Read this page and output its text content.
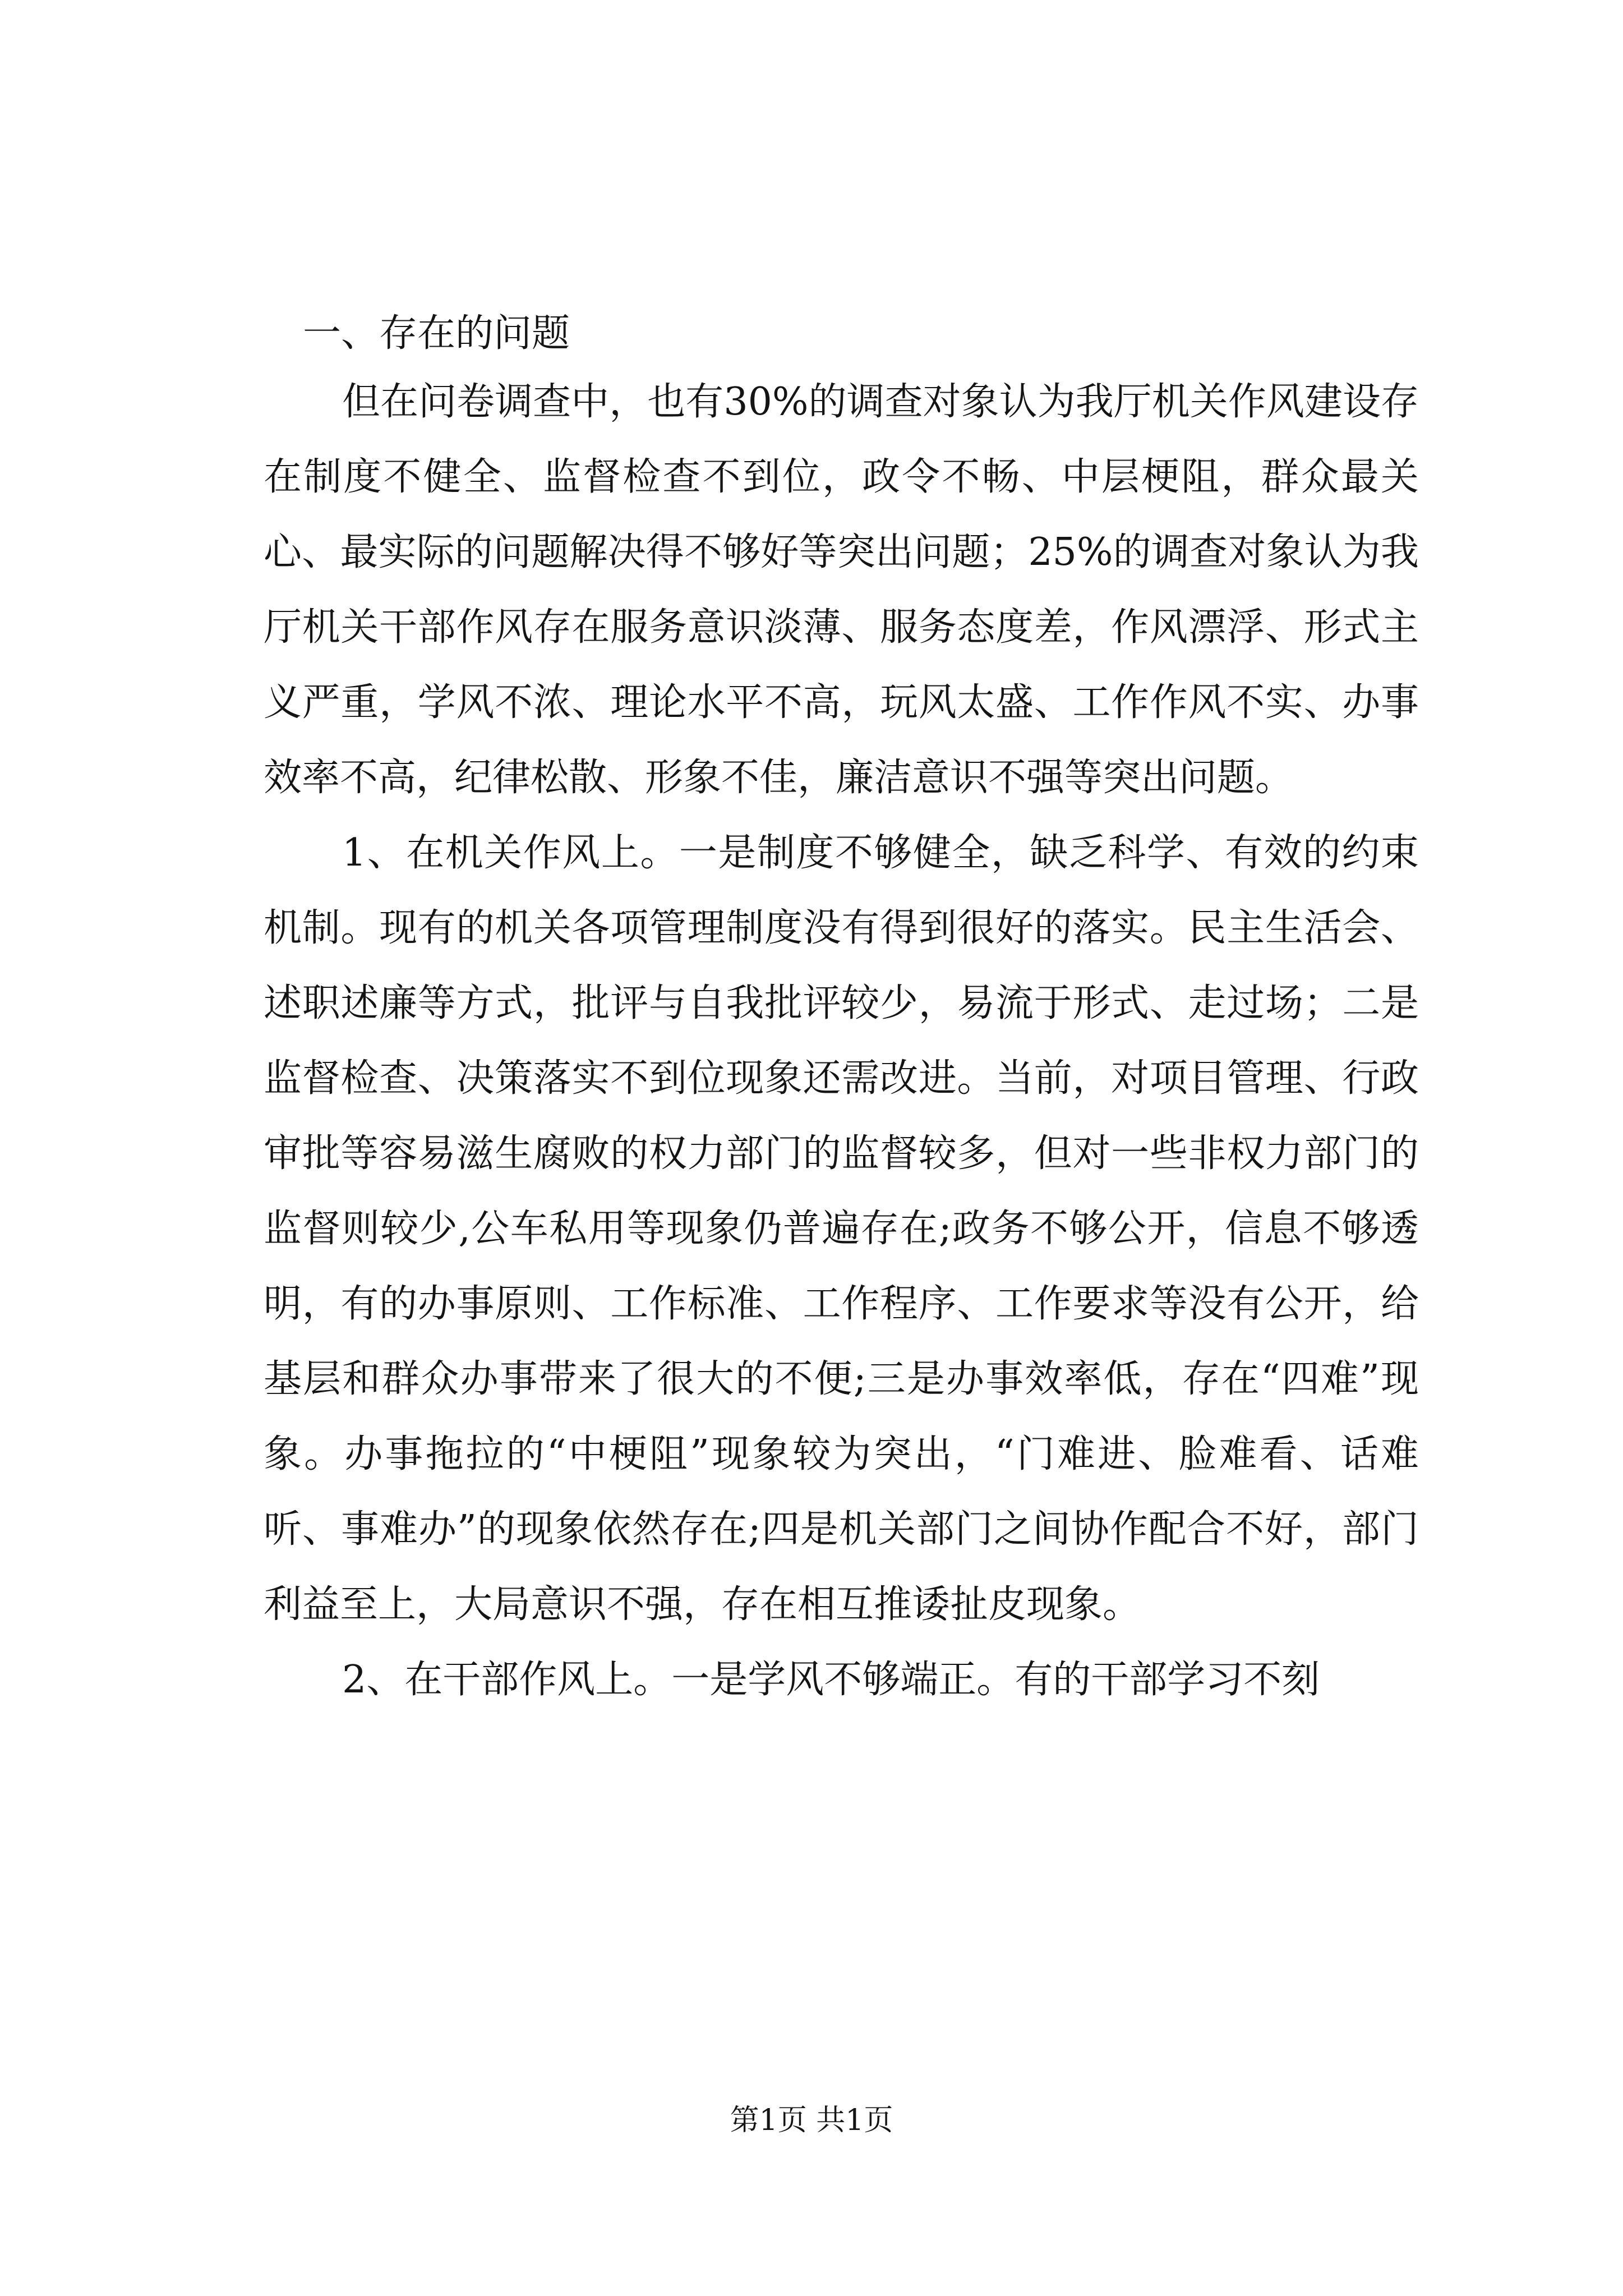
一、存在的问题

但在问卷调查中，也有30%的调查对象认为我厅机关作风建设存在制度不健全、监督检查不到位，政令不畅、中层梗阻，群众最关心、最实际的问题解决得不够好等突出问题；25%的调查对象认为我厅机关干部作风存在服务意识淡薄、服务态度差，作风漂浮、形式主义严重，学风不浓、理论水平不高，玩风太盛、工作作风不实、办事效率不高，纪律松散、形象不佳，廉洁意识不强等突出问题。

1、在机关作风上。一是制度不够健全，缺乏科学、有效的约束机制。现有的机关各项管理制度没有得到很好的落实。民主生活会、述职述廉等方式，批评与自我批评较少，易流于形式、走过场；二是监督检查、决策落实不到位现象还需改进。当前，对项目管理、行政审批等容易滋生腐败的权力部门的监督较多，但对一些非权力部门的监督则较少,公车私用等现象仍普遍存在;政务不够公开，信息不够透明，有的办事原则、工作标准、工作程序、工作要求等没有公开，给基层和群众办事带来了很大的不便;三是办事效率低，存在“四难”现象。办事拖拉的“中梗阻”现象较为突出，“门难进、脸难看、话难听、事难办”的现象依然存在;四是机关部门之间协作配合不好，部门利益至上，大局意识不强，存在相互推诿扯皮现象。

2、在干部作风上。一是学风不够端正。有的干部学习不刻

第1页 共1页
